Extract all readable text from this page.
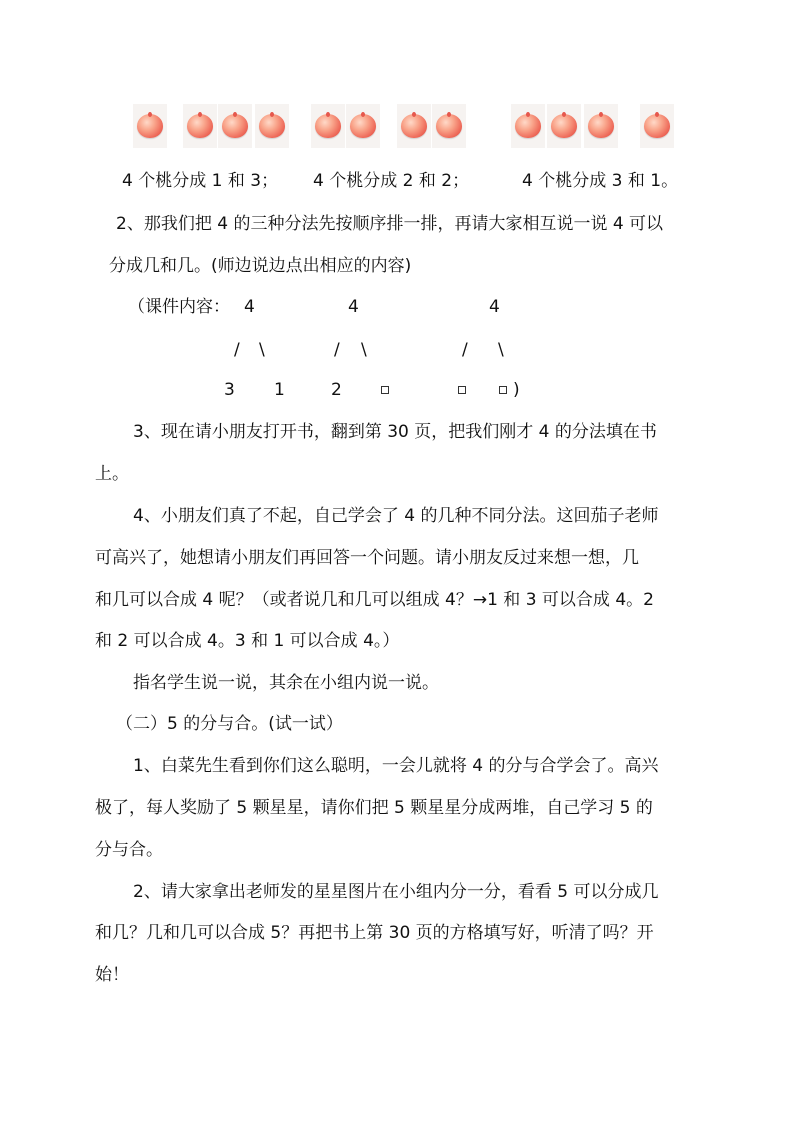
4 个桃分成 1 和 3； 4 个桃分成 2 和 2；	4 个桃分成 3 和 1。
2、那我们把 4 的三种分法先按顺序排一排，再请大家相互说一说 4 可以
分成几和几。(师边说边点出相应的内容)
（课件内容： 4	4	4
/ \	/ \	/ \
3 1	2	)
3、现在请小朋友打开书，翻到第 30 页，把我们刚才 4 的分法填在书
上。
4、小朋友们真了不起，自己学会了 4 的几种不同分法。这回茄子老师
可高兴了，她想请小朋友们再回答一个问题。请小朋友反过来想一想，几
和几可以合成 4 呢？（或者说几和几可以组成 4？→1 和 3 可以合成 4。2
和 2 可以合成 4。3 和 1 可以合成 4。）
指名学生说一说，其余在小组内说一说。
（二）5 的分与合。(试一试）
1、白菜先生看到你们这么聪明，一会儿就将 4 的分与合学会了。高兴
极了，每人奖励了 5 颗星星，请你们把 5 颗星星分成两堆，自己学习 5 的
分与合。
2、请大家拿出老师发的星星图片在小组内分一分，看看 5 可以分成几
和几？几和几可以合成 5？再把书上第 30 页的方格填写好，听清了吗？开
始！
